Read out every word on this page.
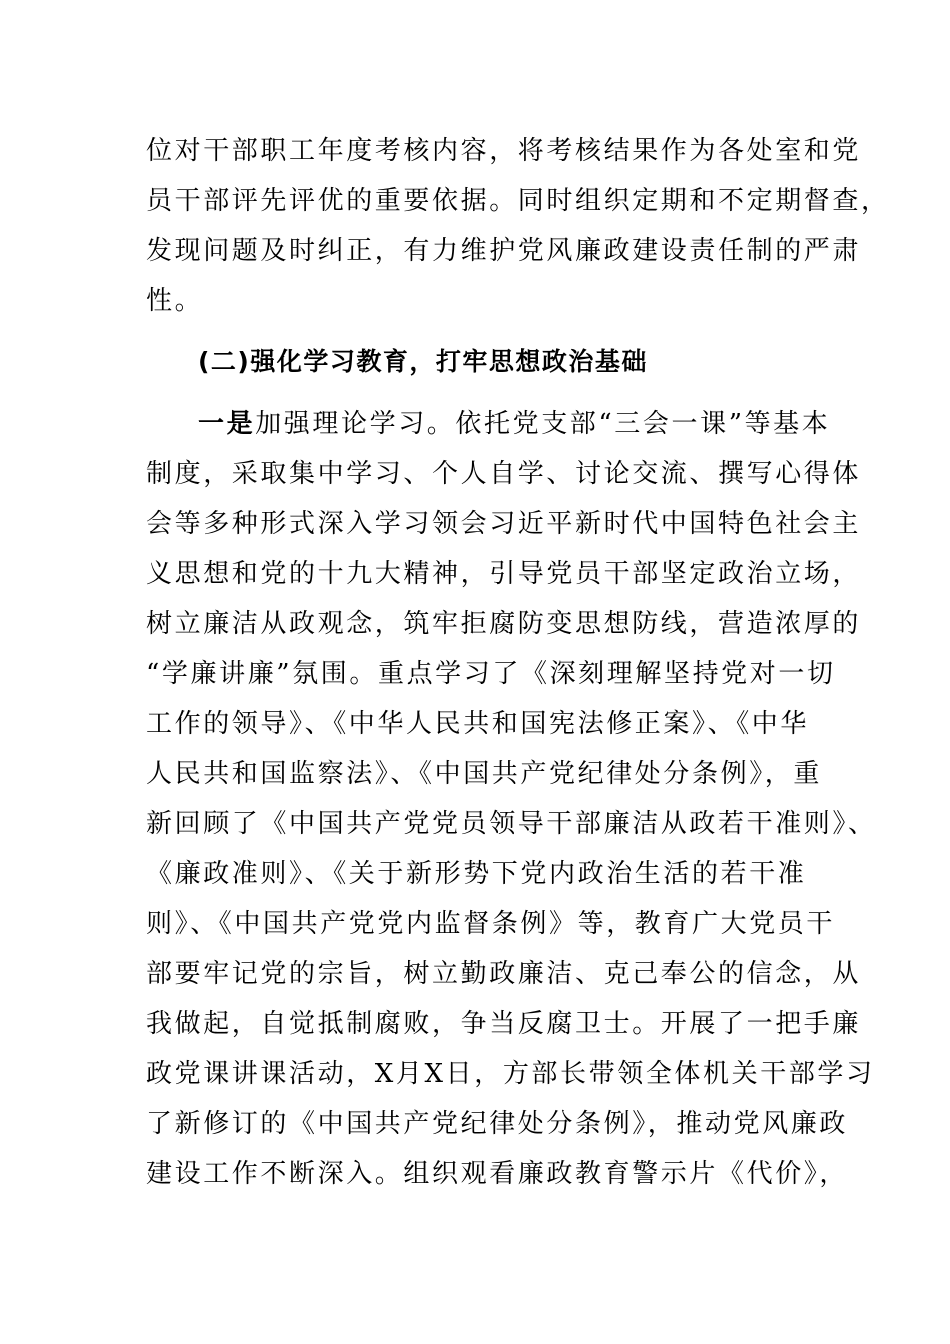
位对干部职工年度考核内容，将考核结果作为各处室和党
员干部评先评优的重要依据。同时组织定期和不定期督查，
发现问题及时纠正，有力维护党风廉政建设责任制的严肃
性。
(二)强化学习教育，打牢思想政治基础
一是加强理论学习。依托党支部“三会一课”等基本
制度，采取集中学习、个人自学、讨论交流、撰写心得体
会等多种形式深入学习领会习近平新时代中国特色社会主
义思想和党的十九大精神，引导党员干部坚定政治立场，
树立廉洁从政观念，筑牢拒腐防变思想防线，营造浓厚的
“学廉讲廉”氛围。重点学习了《深刻理解坚持党对一切
工作的领导》、《中华人民共和国宪法修正案》、《中华
人民共和国监察法》、《中国共产党纪律处分条例》，重
新回顾了《中国共产党党员领导干部廉洁从政若干准则》、
《廉政准则》、《关于新形势下党内政治生活的若干准
则》、《中国共产党党内监督条例》等，教育广大党员干
部要牢记党的宗旨，树立勤政廉洁、克己奉公的信念，从
我做起，自觉抵制腐败，争当反腐卫士。开展了一把手廉
政党课讲课活动，X月X日，方部长带领全体机关干部学习
了新修订的《中国共产党纪律处分条例》，推动党风廉政
建设工作不断深入。组织观看廉政教育警示片《代价》，
